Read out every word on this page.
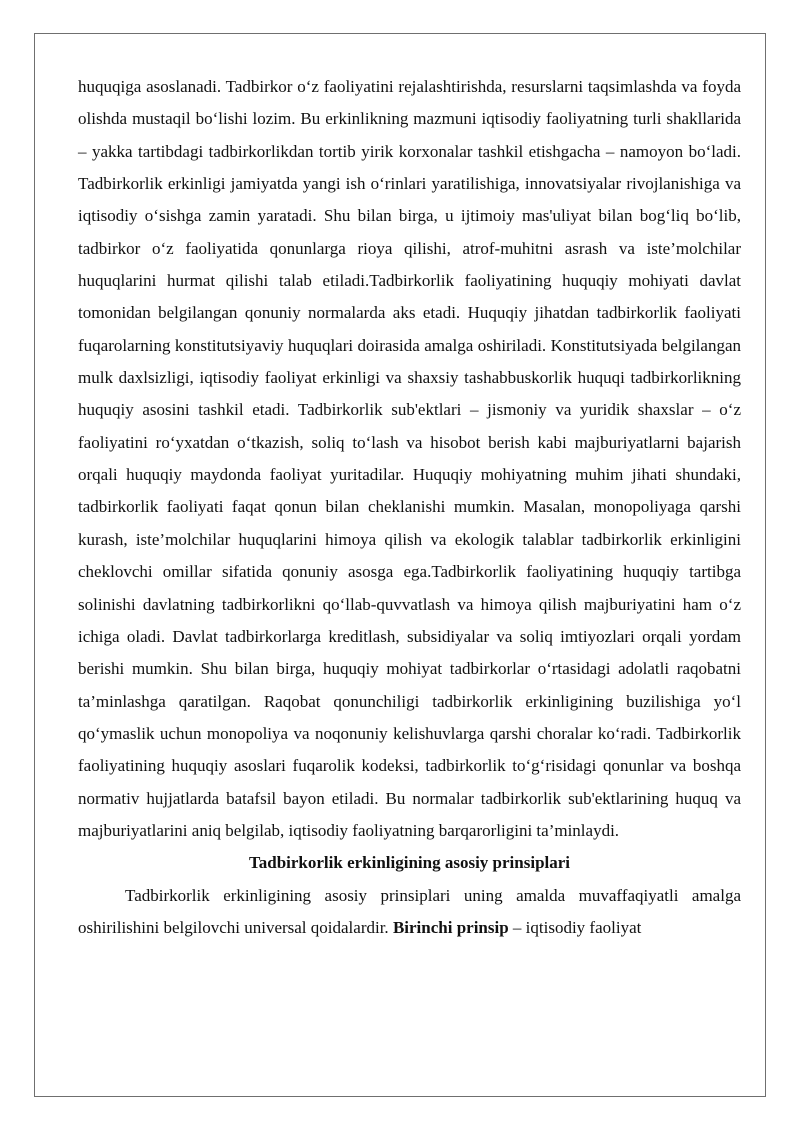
huquqiga asoslanadi. Tadbirkor o‘z faoliyatini rejalashtirishda, resurslarni taqsimlashda va foyda olishda mustaqil bo‘lishi lozim. Bu erkinlikning mazmuni iqtisodiy faoliyatning turli shakllarida – yakka tartibdagi tadbirkorlikdan tortib yirik korxonalar tashkil etishgacha – namoyon bo‘ladi. Tadbirkorlik erkinligi jamiyatda yangi ish o‘rinlari yaratilishiga, innovatsiyalar rivojlanishiga va iqtisodiy o‘sishga zamin yaratadi. Shu bilan birga, u ijtimoiy mas'uliyat bilan bog‘liq bo‘lib, tadbirkor o‘z faoliyatida qonunlarga rioya qilishi, atrof-muhitni asrash va iste’molchilar huquqlarini hurmat qilishi talab etiladi.Tadbirkorlik faoliyatining huquqiy mohiyati davlat tomonidan belgilangan qonuniy normalarda aks etadi. Huquqiy jihatdan tadbirkorlik faoliyati fuqarolarning konstitutsiyaviy huquqlari doirasida amalga oshiriladi. Konstitutsiyada belgilangan mulk daxlsizligi, iqtisodiy faoliyat erkinligi va shaxsiy tashabbuskorlik huquqi tadbirkorlikning huquqiy asosini tashkil etadi. Tadbirkorlik sub'ektlari – jismoniy va yuridik shaxslar – o‘z faoliyatini ro‘yxatdan o‘tkazish, soliq to‘lash va hisobot berish kabi majburiyatlarni bajarish orqali huquqiy maydonda faoliyat yuritadilar. Huquqiy mohiyatning muhim jihati shundaki, tadbirkorlik faoliyati faqat qonun bilan cheklanishi mumkin. Masalan, monopoliyaga qarshi kurash, iste’molchilar huquqlarini himoya qilish va ekologik talablar tadbirkorlik erkinligini cheklovchi omillar sifatida qonuniy asosga ega.Tadbirkorlik faoliyatining huquqiy tartibga solinishi davlatning tadbirkorlikni qo‘llab-quvvatlash va himoya qilish majburiyatini ham o‘z ichiga oladi. Davlat tadbirkorlarga kreditlash, subsidiyalar va soliq imtiyozlari orqali yordam berishi mumkin. Shu bilan birga, huquqiy mohiyat tadbirkorlar o‘rtasidagi adolatli raqobatni ta’minlashga qaratilgan. Raqobat qonunchiligi tadbirkorlik erkinligining buzilishiga yo‘l qo‘ymaslik uchun monopoliya va noqonuniy kelishuvlarga qarshi choralar ko‘radi. Tadbirkorlik faoliyatining huquqiy asoslari fuqarolik kodeksi, tadbirkorlik to‘g‘risidagi qonunlar va boshqa normativ hujjatlarda batafsil bayon etiladi. Bu normalar tadbirkorlik sub'ektlarining huquq va majburiyatlarini aniq belgilab, iqtisodiy faoliyatning barqarorligini ta’minlaydi.

Tadbirkorlik erkinligining asosiy prinsiplari

Tadbirkorlik erkinligining asosiy prinsiplari uning amalda muvaffaqiyatli amalga oshirilishini belgilovchi universal qoidalardir. Birinchi prinsip – iqtisodiy faoliyat
